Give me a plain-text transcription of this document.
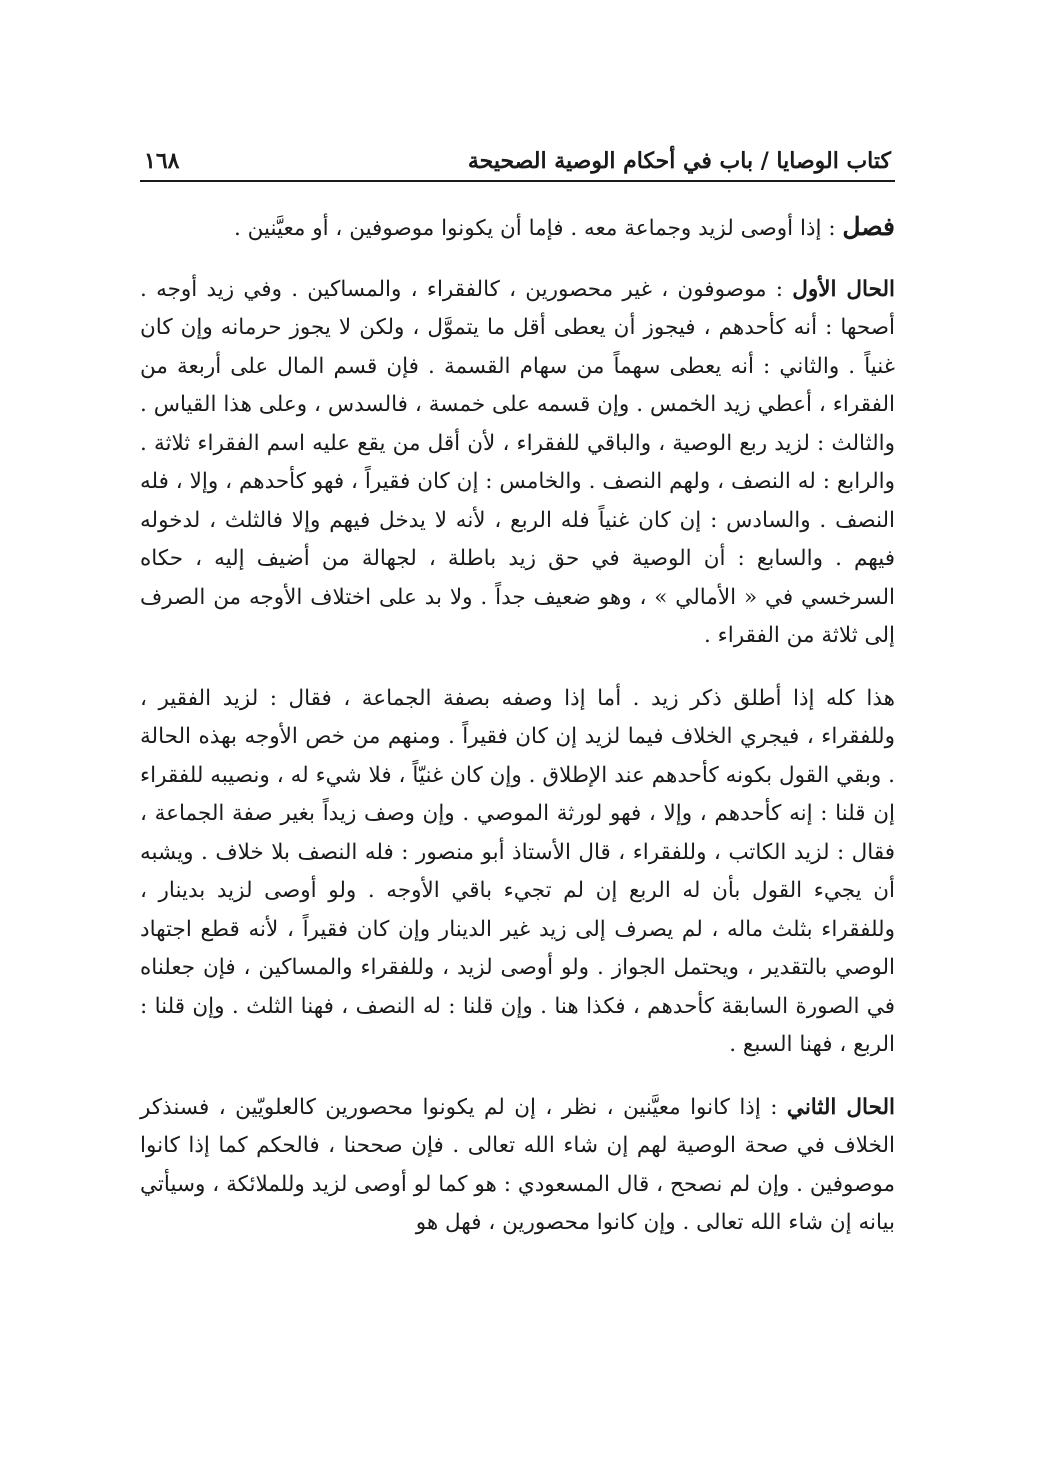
كتاب الوصايا / باب في أحكام الوصية الصحيحة
١٦٨

فصل : إذا أوصى لزيد وجماعة معه . فإما أن يكونوا موصوفين ، أو معيَّنين .

الحال الأول : موصوفون ، غير محصورين ، كالفقراء ، والمساكين . وفي زيد أوجه . أصحها : أنه كأحدهم ، فيجوز أن يعطى أقل ما يتموَّل ، ولكن لا يجوز حرمانه وإن كان غنياً . والثاني : أنه يعطى سهماً من سهام القسمة . فإن قسم المال على أربعة من الفقراء ، أعطي زيد الخمس . وإن قسمه على خمسة ، فالسدس ، وعلى هذا القياس . والثالث : لزيد ربع الوصية ، والباقي للفقراء ، لأن أقل من يقع عليه اسم الفقراء ثلاثة . والرابع : له النصف ، ولهم النصف . والخامس : إن كان فقيراً ، فهو كأحدهم ، وإلا ، فله النصف . والسادس : إن كان غنياً فله الربع ، لأنه لا يدخل فيهم وإلا فالثلث ، لدخوله فيهم . والسابع : أن الوصية في حق زيد باطلة ، لجهالة من أضيف إليه ، حكاه السرخسي في « الأمالي » ، وهو ضعيف جداً . ولا بد على اختلاف الأوجه من الصرف إلى ثلاثة من الفقراء .

هذا كله إذا أطلق ذكر زيد . أما إذا وصفه بصفة الجماعة ، فقال : لزيد الفقير ، وللفقراء ، فيجري الخلاف فيما لزيد إن كان فقيراً . ومنهم من خص الأوجه بهذه الحالة . وبقي القول بكونه كأحدهم عند الإطلاق . وإن كان غنيّاً ، فلا شيء له ، ونصيبه للفقراء إن قلنا : إنه كأحدهم ، وإلا ، فهو لورثة الموصي . وإن وصف زيداً بغير صفة الجماعة ، فقال : لزيد الكاتب ، وللفقراء ، قال الأستاذ أبو منصور : فله النصف بلا خلاف . ويشبه أن يجيء القول بأن له الربع إن لم تجيء باقي الأوجه . ولو أوصى لزيد بدينار ، وللفقراء بثلث ماله ، لم يصرف إلى زيد غير الدينار وإن كان فقيراً ، لأنه قطع اجتهاد الوصي بالتقدير ، ويحتمل الجواز . ولو أوصى لزيد ، وللفقراء والمساكين ، فإن جعلناه في الصورة السابقة كأحدهم ، فكذا هنا . وإن قلنا : له النصف ، فهنا الثلث . وإن قلنا : الربع ، فهنا السبع .

الحال الثاني : إذا كانوا معيَّنين ، نظر ، إن لم يكونوا محصورين كالعلويّين ، فسنذكر الخلاف في صحة الوصية لهم إن شاء الله تعالى . فإن صححنا ، فالحكم كما إذا كانوا موصوفين . وإن لم نصحح ، قال المسعودي : هو كما لو أوصى لزيد وللملائكة ، وسيأتي بيانه إن شاء الله تعالى . وإن كانوا محصورين ، فهل هو
